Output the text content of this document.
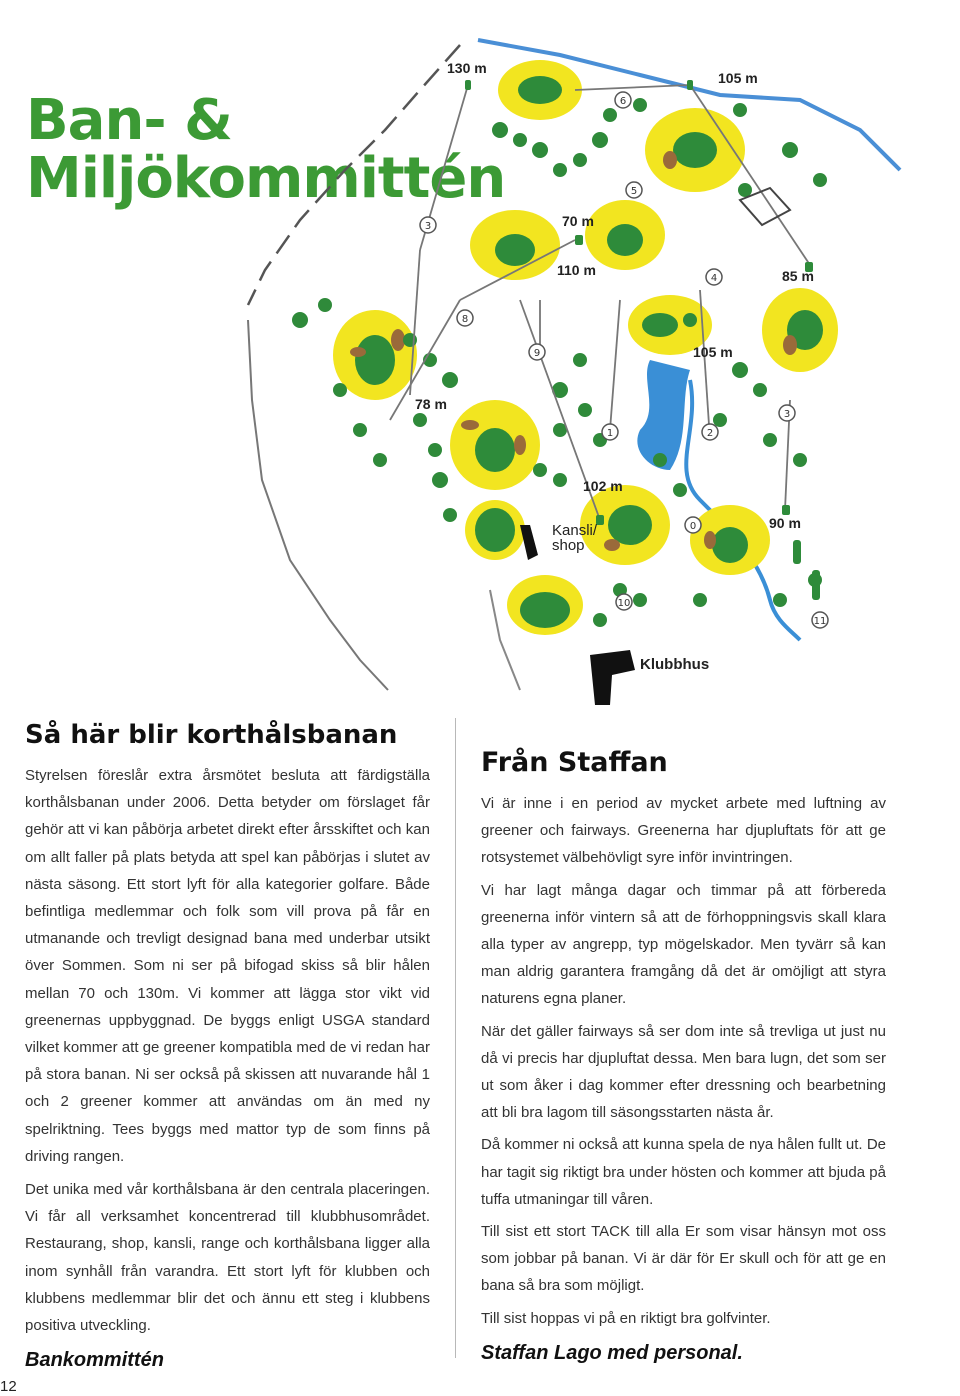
Ban- & Miljökommittén
3
8
9
1	2
3
4
5
6
10
11
0
130 m
105 m
70 m
110 m	85 m
105 m
78 m
102 m
90 m
Kansli/
shop
Klubbhus
Så här blir korthålsbanan

Styrelsen föreslår extra årsmötet besluta att färdigställa korthålsbanan under 2006. Detta betyder om förslaget får gehör att vi kan påbörja arbetet direkt efter årsskiftet och kan om allt faller på plats betyda att spel kan påbörjas i slutet av nästa säsong. Ett stort lyft för alla kategorier golfare. Både befintliga medlemmar och folk som vill prova på får en utmanande och trevligt designad bana med underbar utsikt över Sommen. Som ni ser på bifogad skiss så blir hålen mellan 70 och 130m. Vi kommer att lägga stor vikt vid greenernas uppbyggnad. De byggs enligt USGA standard vilket kommer att ge greener kompatibla med de vi redan har på stora banan. Ni ser också på skissen att nuvarande hål 1 och 2 greener kommer att användas om än med ny spelriktning. Tees byggs med mattor typ de som finns på driving rangen.

Det unika med vår korthålsbana är den centrala placeringen. Vi får all verksamhet koncentrerad till klubbhusområdet. Restaurang, shop, kansli, range och korthålsbana ligger alla inom synhåll från varandra. Ett stort lyft för klubben och klubbens medlemmar blir det och ännu ett steg i klubbens positiva utveckling.

Bankommittén
Från Staffan

Vi är inne i en period av mycket arbete med luftning av greener och fairways. Greenerna har djupluftats för att ge rotsystemet välbehövligt syre inför invintringen.

Vi har lagt många dagar och timmar på att förbereda greenerna inför vintern så att de förhoppningsvis skall klara alla typer av angrepp, typ mögelskador. Men tyvärr så kan man aldrig garantera framgång då det är omöjligt att styra naturens egna planer.

När det gäller fairways så ser dom inte så trevliga ut just nu då vi precis har djupluftat dessa. Men bara lugn, det som ser ut som åker i dag kommer efter dressning och bearbetning att bli bra lagom till säsongsstarten nästa år.

Då kommer ni också att kunna spela de nya hålen fullt ut. De har tagit sig riktigt bra under hösten och kommer att bjuda på tuffa utmaningar till våren.

Till sist ett stort TACK till alla Er som visar hänsyn mot oss som jobbar på banan. Vi är där för Er skull och för att ge en bana så bra som möjligt.

Till sist hoppas vi på en riktigt bra golfvinter.

Staffan Lago med personal.
12
